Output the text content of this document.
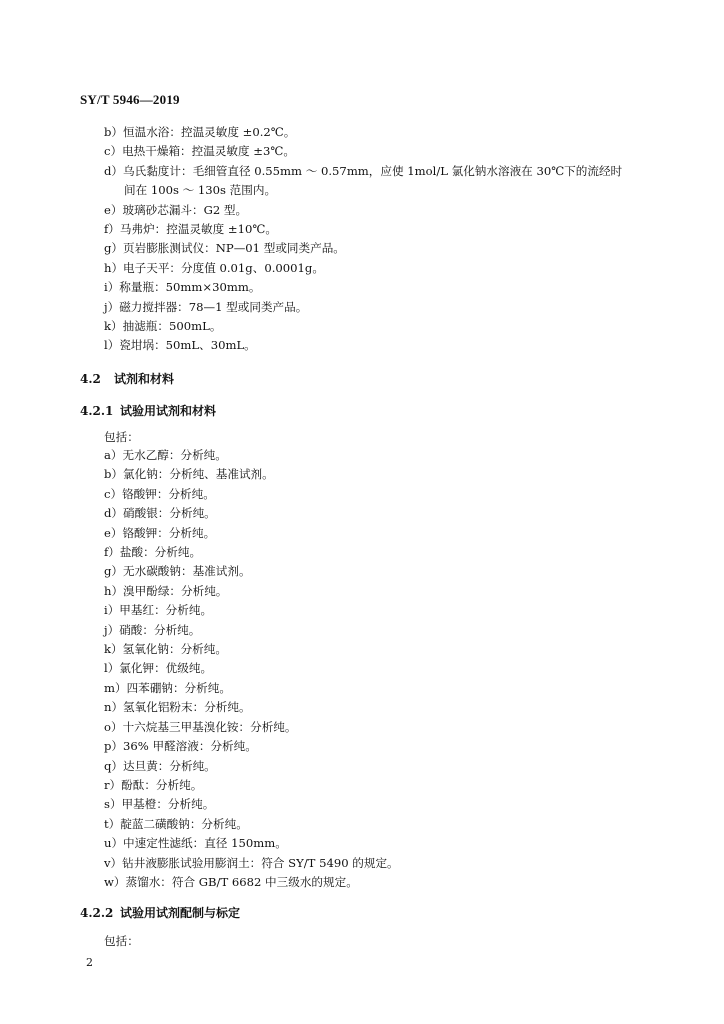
SY/T 5946—2019
b）恒温水浴：控温灵敏度 ±0.2℃。
c）电热干燥箱：控温灵敏度 ±3℃。
d）乌氏黏度计：毛细管直径 0.55mm ～ 0.57mm，应使 1mol/L 氯化钠水溶液在 30℃下的流经时
间在 100s ～ 130s 范围内。
e）玻璃砂芯漏斗：G2 型。
f）马弗炉：控温灵敏度 ±10℃。
g）页岩膨胀测试仪：NP—01 型或同类产品。
h）电子天平：分度值 0.01g、0.0001g。
i）称量瓶：50mm×30mm。
j）磁力搅拌器：78—1 型或同类产品。
k）抽滤瓶：500mL。
l）瓷坩埚：50mL、30mL。
4.2 试剂和材料
4.2.1 试验用试剂和材料
包括：
a）无水乙醇：分析纯。
b）氯化钠：分析纯、基准试剂。
c）铬酸钾：分析纯。
d）硝酸银：分析纯。
e）铬酸钾：分析纯。
f）盐酸：分析纯。
g）无水碳酸钠：基准试剂。
h）溴甲酚绿：分析纯。
i）甲基红：分析纯。
j）硝酸：分析纯。
k）氢氧化钠：分析纯。
l）氯化钾：优级纯。
m）四苯硼钠：分析纯。
n）氢氧化铝粉末：分析纯。
o）十六烷基三甲基溴化铵：分析纯。
p）36% 甲醛溶液：分析纯。
q）达旦黄：分析纯。
r）酚酞：分析纯。
s）甲基橙：分析纯。
t）靛蓝二磺酸钠：分析纯。
u）中速定性滤纸：直径 150mm。
v）钻井液膨胀试验用膨润土：符合 SY/T 5490 的规定。
w）蒸馏水：符合 GB/T 6682 中三级水的规定。
4.2.2 试验用试剂配制与标定
包括：
2
